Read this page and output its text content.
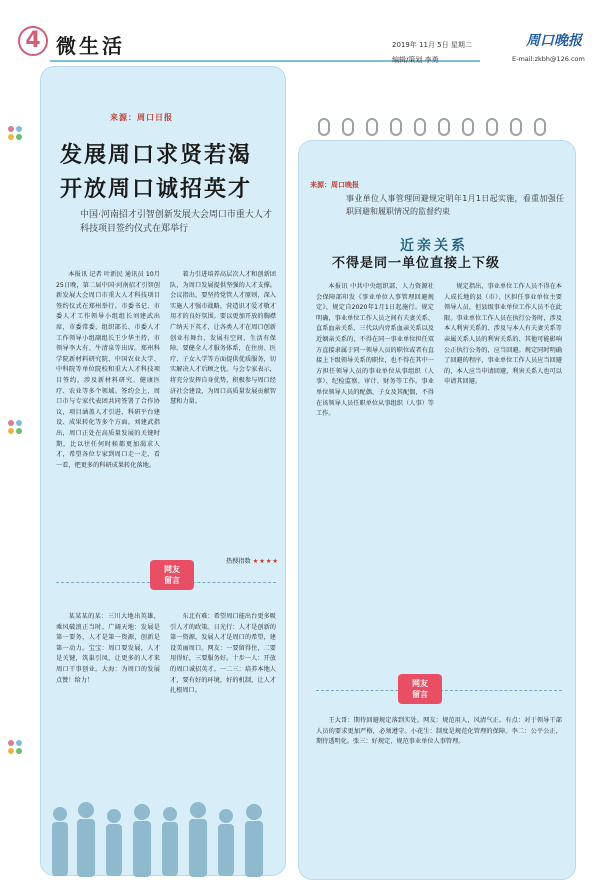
4 微生活	2019年 11月 5日 星期二
编辑/策划 李勇
周口晚报
E-mail:zkbh@126.com
来源：周口日报
发展周口求贤若渴
开放周口诚招英才
中国·河南招才引智创新发展大会周口市重大人才科技项目签约仪式在郑举行

本报讯 记者 叶新民 通讯员 10月25日晚，第二届中国·河南招才引智创新发展大会周口市重大人才科技项目签约仪式在郑州举行。市委书记、市委人才工作领导小组组长刘建武出席，市委常委、组织部长、市委人才工作领导小组副组长王少华主持，市领导李大有、牛清泉等出席。郑州科学院新材料研究院、中国农业大学、中科院等单位院校和重大人才科技项目签约，涉及新材料研究、健康医疗、农业等多个领域。签约会上，周口市与专家代表团共同签署了合作协议，项目涵盖人才引进、科研平台建设、成果转化等多个方面。刘建武指出，周口正处在高质量发展的关键时期，比以往任何时候都更加渴求人才，希望各位专家到周口走一走、看一看，把更多的科研成果转化落地。

着力引进培养高层次人才和创新团队，为周口发展提供坚强的人才支撑。会议指出，要坚持党管人才原则，深入实施人才强市战略，营造识才爱才敬才用才的良好氛围。要以更加开放的胸襟广纳天下英才，让各类人才在周口创新创业有舞台、发展有空间、生活有保障。要健全人才服务体系，在住房、医疗、子女入学等方面提供优质服务，切实解决人才后顾之忧。与会专家表示，将充分发挥自身优势，积极参与周口经济社会建设，为周口高质量发展贡献智慧和力量。

热搜指数 ★★★★
网友
留言

某某某的某：三川大地出英雄，乘风破浪正当时。广阔天地：发展是第一要务，人才是第一资源，创新是第一动力。宝宝：周口要发展，人才是关键，筑巢引凤，让更多的人才来周口干事创业。大海：为周口的发展点赞！给力！

东北有难：希望周口能出台更多吸引人才的政策。日光行：人才是创新的第一资源，发展人才是周口的希望，建设美丽周口。网友：一要留得住，二要用得好，三要服务好。十步一人：开放的周口诚招英才。一二三：培养本地人才，要有好的环境，好的机制，让人才扎根周口。

来源：周口晚报
事业单位人事管理回避规定明年1月1日起实施，看重加强任职回避和履职情况的监督约束
近亲关系
不得是同一单位直接上下级

本报讯 中共中央组织部、人力资源社会保障部印发《事业单位人事管理回避规定》，规定自2020年1月1日起施行。规定明确，事业单位工作人员之间有夫妻关系、直系血亲关系、三代以内旁系血亲关系以及近姻亲关系的，不得在同一事业单位担任双方直接隶属于同一领导人员的职位或者有直接上下级领导关系的职位，也不得在其中一方担任领导人员的事业单位从事组织（人事）、纪检监察、审计、财务等工作。事业单位领导人员的配偶、子女及其配偶，不得在该领导人员任职单位从事组织（人事）等工作。

规定指出，事业单位工作人员不得在本人成长地的县（市）、区担任事业单位主要领导人员，但县级事业单位工作人员不在此限。事业单位工作人员在执行公务时，涉及本人利害关系的、涉及与本人有夫妻关系等亲属关系人员的利害关系的、其他可能影响公正执行公务的，应当回避。规定同时明确了回避的程序，事业单位工作人员应当回避的，本人应当申请回避，利害关系人也可以申请其回避。

网友
留言

王大哥：期待回避规定落到实处。网友：规范用人，风清气正。有点：对于领导干部人员的要求更加严格，必须遵守。小花生：制度是规范化管理的保障。李二：公平公正，期待透明化。张三：好规定，规范事业单位人事管理。
